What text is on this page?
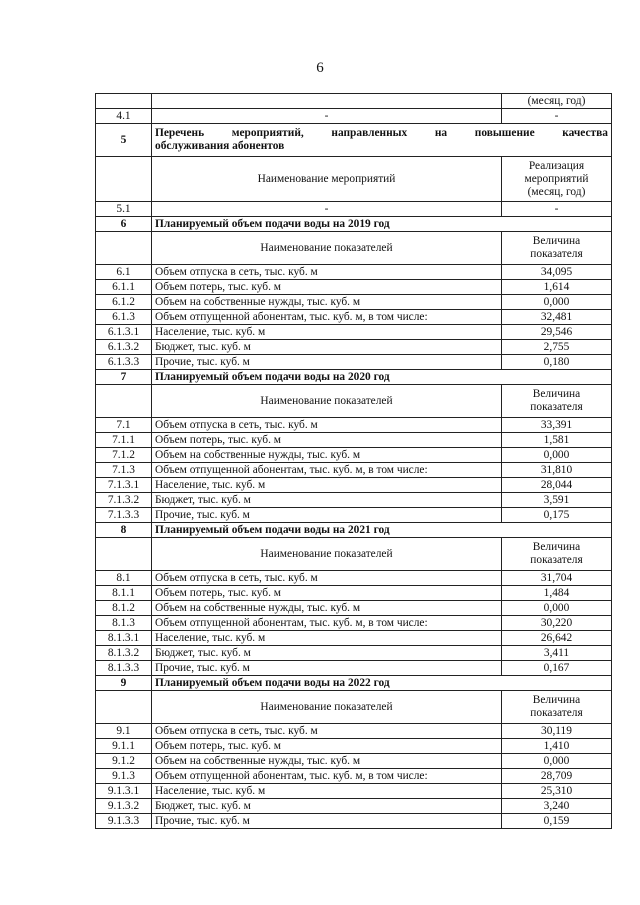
6
		(месяц, год)
4.1	-	-
5	Перечень мероприятий, направленных на повышение качества
обслуживания абонентов	
	Наименование мероприятий	Реализация
мероприятий
(месяц, год)

5.1	-	-
6	Планируемый объем подачи воды на 2019 год	
	Наименование показателей	Величина
показателя

6.1	Объем отпуска в сеть, тыс. куб. м	34,095
6.1.1	Объем потерь, тыс. куб. м	1,614
6.1.2	Объем на собственные нужды, тыс. куб. м	0,000
6.1.3	Объем отпущенной абонентам, тыс. куб. м, в том числе:	32,481
6.1.3.1	Население, тыс. куб. м	29,546
6.1.3.2	Бюджет, тыс. куб. м	2,755
6.1.3.3	Прочие, тыс. куб. м	0,180
7	Планируемый объем подачи воды на 2020 год	
	Наименование показателей	Величина
показателя

7.1	Объем отпуска в сеть, тыс. куб. м	33,391
7.1.1	Объем потерь, тыс. куб. м	1,581
7.1.2	Объем на собственные нужды, тыс. куб. м	0,000
7.1.3	Объем отпущенной абонентам, тыс. куб. м, в том числе:	31,810
7.1.3.1	Население, тыс. куб. м	28,044
7.1.3.2	Бюджет, тыс. куб. м	3,591
7.1.3.3	Прочие, тыс. куб. м	0,175
8	Планируемый объем подачи воды на 2021 год	
	Наименование показателей	Величина
показателя

8.1	Объем отпуска в сеть, тыс. куб. м	31,704
8.1.1	Объем потерь, тыс. куб. м	1,484
8.1.2	Объем на собственные нужды, тыс. куб. м	0,000
8.1.3	Объем отпущенной абонентам, тыс. куб. м, в том числе:	30,220
8.1.3.1	Население, тыс. куб. м	26,642
8.1.3.2	Бюджет, тыс. куб. м	3,411
8.1.3.3	Прочие, тыс. куб. м	0,167
9	Планируемый объем подачи воды на 2022 год	
	Наименование показателей	Величина
показателя

9.1	Объем отпуска в сеть, тыс. куб. м	30,119
9.1.1	Объем потерь, тыс. куб. м	1,410
9.1.2	Объем на собственные нужды, тыс. куб. м	0,000
9.1.3	Объем отпущенной абонентам, тыс. куб. м, в том числе:	28,709
9.1.3.1	Население, тыс. куб. м	25,310
9.1.3.2	Бюджет, тыс. куб. м	3,240
9.1.3.3	Прочие, тыс. куб. м	0,159
